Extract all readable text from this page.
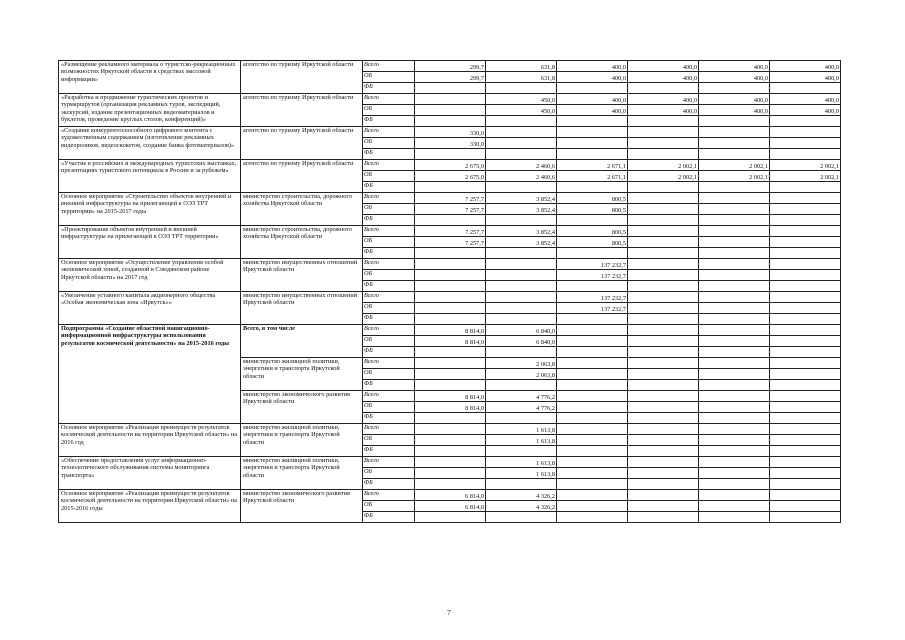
«Размещение рекламного материала о туристско-рекреационных возможностях Иркутской области в средствах массовой информации»	агентство по туризму Иркутской области	Всего	299,7	631,8	400,0	400,0	400,0	400,0
		ОБ	299,7	631,8	400,0	400,0	400,0	400,0
		ФБ						
«Разработка и продвижение туристических проектов и турмаршрутов (организация рекламных туров, экспедиций, экскурсий, издание презентационных видеоматериалов и буклетов, проведение круглых столов, конференций)»	агентство по туризму Иркутской области	Всего		450,0	400,0	400,0	400,0	400,0
		ОБ		450,0	400,0	400,0	400,0	400,0
		ФБ						
«Создание конкурентоспособного цифрового контента с художественным содержанием (изготовление рекламных видеороликов, видеосюжетов, создание банка фотоматериалов)»	агентство по туризму Иркутской области	Всего	330,0					
		ОБ	330,0					
		ФБ						
«Участие в российских и международных туристских выставках, презентациях туристского потенциала в России и за рубежом»	агентство по туризму Иркутской области	Всего	2 675,0	2 460,6	2 671,1	2 002,1	2 002,1	2 002,1
		ОБ	2 675,0	2 460,6	2 671,1	2 002,1	2 002,1	2 002,1
		ФБ						
Основное мероприятие «Строительство объектов внутренней и внешней инфраструктуры на прилегающей к ОЭЗ ТРТ территории» на 2015-2017 годы	министерство строительства, дорожного хозяйства Иркутской области	Всего	7 257,7	3 852,4	800,5			
		ОБ	7 257,7	3 852,4	800,5			
		ФБ						
«Проектирование объектов внутренней и внешней инфраструктуры на прилегающей к ОЭЗ ТРТ территории»	министерство строительства, дорожного хозяйства Иркутской области	Всего	7 257,7	3 852,4	800,5			
		ОБ	7 257,7	3 852,4	800,5			
		ФБ						
Основное мероприятие «Осуществление управления особой экономической зоной, созданной в Слюдянском районе Иркутской области» на 2017 год	министерство имущественных отношений Иркутской области	Всего			137 232,7			
		ОБ			137 232,7			
		ФБ						
«Увеличение уставного капитала акционерного общества «Особая экономическая зона «Иркутск»»	министерство имущественных отношений Иркутской области	Всего			137 232,7			
		ОБ			137 232,7			
		ФБ						
Подпрограмма «Создание областной навигационно-информационной инфраструктуры использования результатов космической деятельности» на 2015-2016 годы	Всего, в том числе	Всего	8 814,0	6 840,0				
		ОБ	8 814,0	6 840,0				
		ФБ						
	министерство жилищной политики, энергетики и транспорта Иркутской области	Всего		2 063,8				
		ОБ		2 063,8				
		ФБ						
	министерство экономического развития Иркутской области	Всего	8 814,0	4 776,2				
		ОБ	8 814,0	4 776,2				
		ФБ						
Основное мероприятие «Реализация преимуществ результатов космической деятельности на территории Иркутской области» на 2016 год	министерство жилищной политики, энергетики и транспорта Иркутской области	Всего		1 613,8				
		ОБ		1 613,8				
		ФБ						
«Обеспечение предоставления услуг информационно-технологического обслуживания системы мониторинга транспорта»	министерство жилищной политики, энергетики и транспорта Иркутской области	Всего		1 613,8				
		ОБ		1 613,8				
		ФБ						
Основное мероприятие «Реализация преимуществ результатов космической деятельности на территории Иркутской области» на 2015-2016 годы	министерство экономического развития Иркутской области	Всего	6 814,0	4 326,2				
		ОБ	6 814,0	4 326,2				
		ФБ						
7
